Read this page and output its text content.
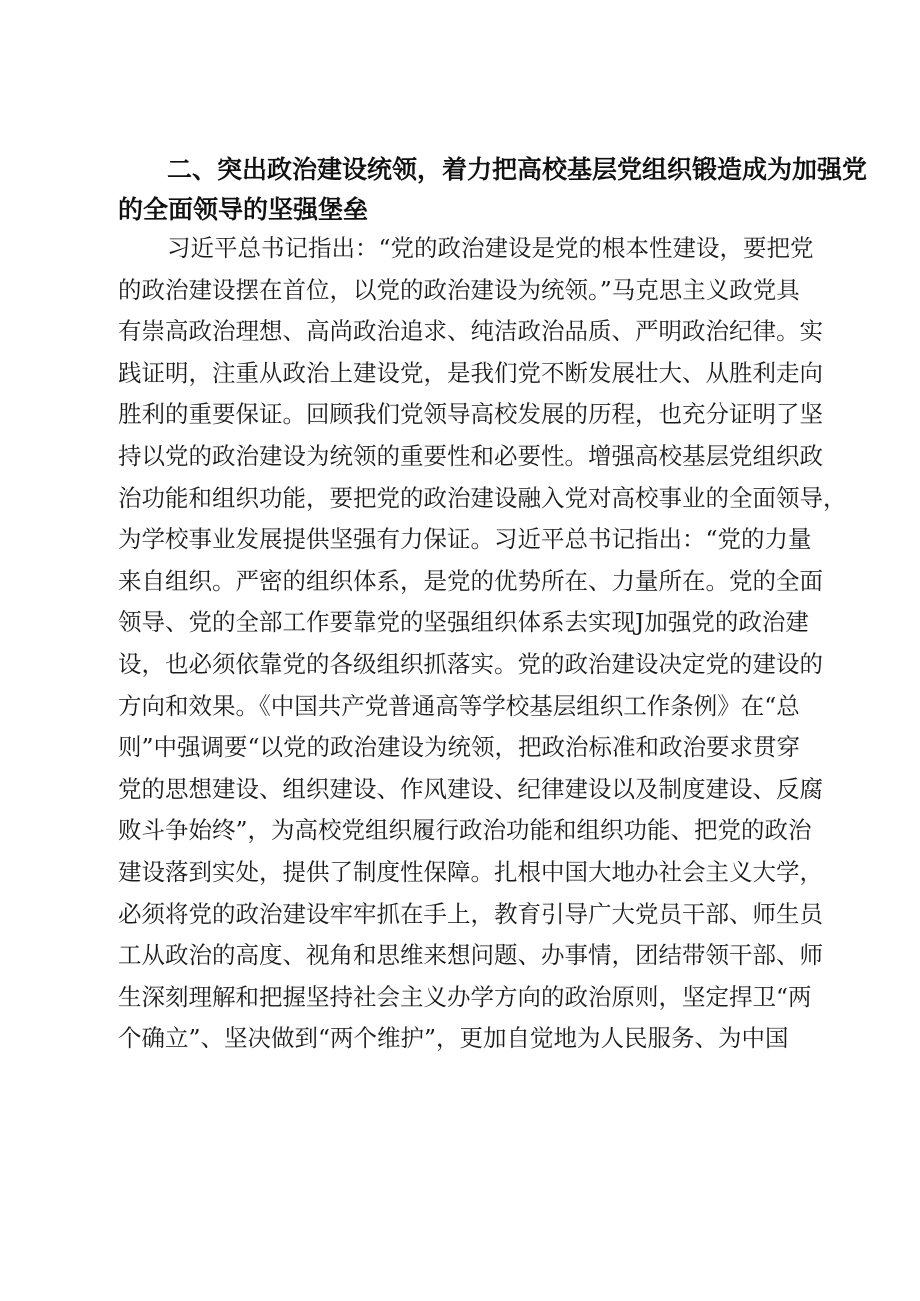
二、突出政治建设统领，着力把高校基层党组织锻造成为加强党
的全面领导的坚强堡垒
习近平总书记指出：“党的政治建设是党的根本性建设，要把党
的政治建设摆在首位，以党的政治建设为统领。”马克思主义政党具
有崇高政治理想、高尚政治追求、纯洁政治品质、严明政治纪律。实
践证明，注重从政治上建设党，是我们党不断发展壮大、从胜利走向
胜利的重要保证。回顾我们党领导高校发展的历程，也充分证明了坚
持以党的政治建设为统领的重要性和必要性。增强高校基层党组织政
治功能和组织功能，要把党的政治建设融入党对高校事业的全面领导，
为学校事业发展提供坚强有力保证。习近平总书记指出：“党的力量
来自组织。严密的组织体系，是党的优势所在、力量所在。党的全面
领导、党的全部工作要靠党的坚强组织体系去实现J加强党的政治建
设，也必须依靠党的各级组织抓落实。党的政治建设决定党的建设的
方向和效果。《中国共产党普通高等学校基层组织工作条例》在“总
则”中强调要“以党的政治建设为统领，把政治标准和政治要求贯穿
党的思想建设、组织建设、作风建设、纪律建设以及制度建设、反腐
败斗争始终”，为高校党组织履行政治功能和组织功能、把党的政治
建设落到实处，提供了制度性保障。扎根中国大地办社会主义大学，
必须将党的政治建设牢牢抓在手上，教育引导广大党员干部、师生员
工从政治的高度、视角和思维来想问题、办事情，团结带领干部、师
生深刻理解和把握坚持社会主义办学方向的政治原则，坚定捍卫“两
个确立”、坚决做到“两个维护”，更加自觉地为人民服务、为中国
